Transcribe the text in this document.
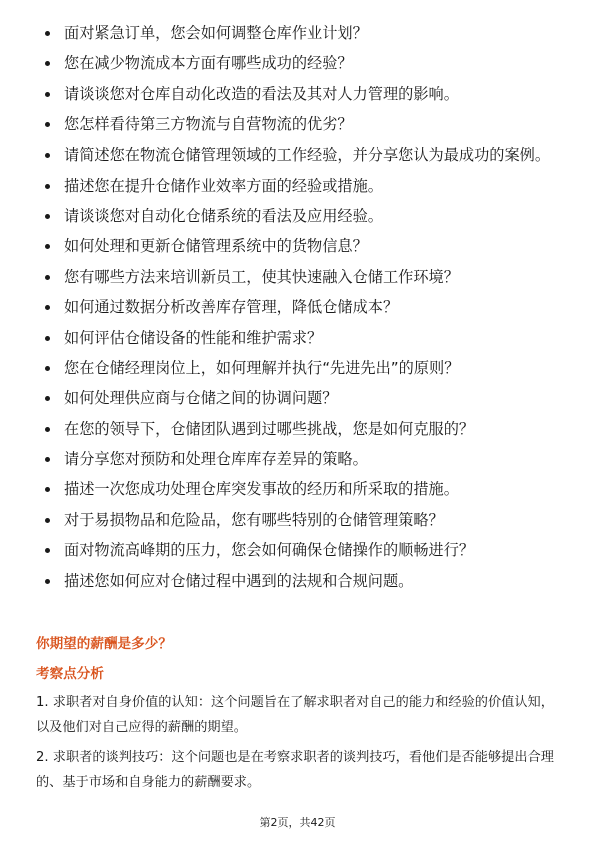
面对紧急订单，您会如何调整仓库作业计划？
您在减少物流成本方面有哪些成功的经验？
请谈谈您对仓库自动化改造的看法及其对人力管理的影响。
您怎样看待第三方物流与自营物流的优劣？
请简述您在物流仓储管理领域的工作经验，并分享您认为最成功的案例。
描述您在提升仓储作业效率方面的经验或措施。
请谈谈您对自动化仓储系统的看法及应用经验。
如何处理和更新仓储管理系统中的货物信息？
您有哪些方法来培训新员工，使其快速融入仓储工作环境？
如何通过数据分析改善库存管理，降低仓储成本？
如何评估仓储设备的性能和维护需求？
您在仓储经理岗位上，如何理解并执行“先进先出”的原则？
如何处理供应商与仓储之间的协调问题？
在您的领导下，仓储团队遇到过哪些挑战，您是如何克服的？
请分享您对预防和处理仓库库存差异的策略。
描述一次您成功处理仓库突发事故的经历和所采取的措施。
对于易损物品和危险品，您有哪些特别的仓储管理策略？
面对物流高峰期的压力，您会如何确保仓储操作的顺畅进行？
描述您如何应对仓储过程中遇到的法规和合规问题。
你期望的薪酬是多少？
考察点分析
1. 求职者对自身价值的认知：这个问题旨在了解求职者对自己的能力和经验的价值认知，以及他们对自己应得的薪酬的期望。
2. 求职者的谈判技巧：这个问题也是在考察求职者的谈判技巧，看他们是否能够提出合理的、基于市场和自身能力的薪酬要求。
第2页，共42页
